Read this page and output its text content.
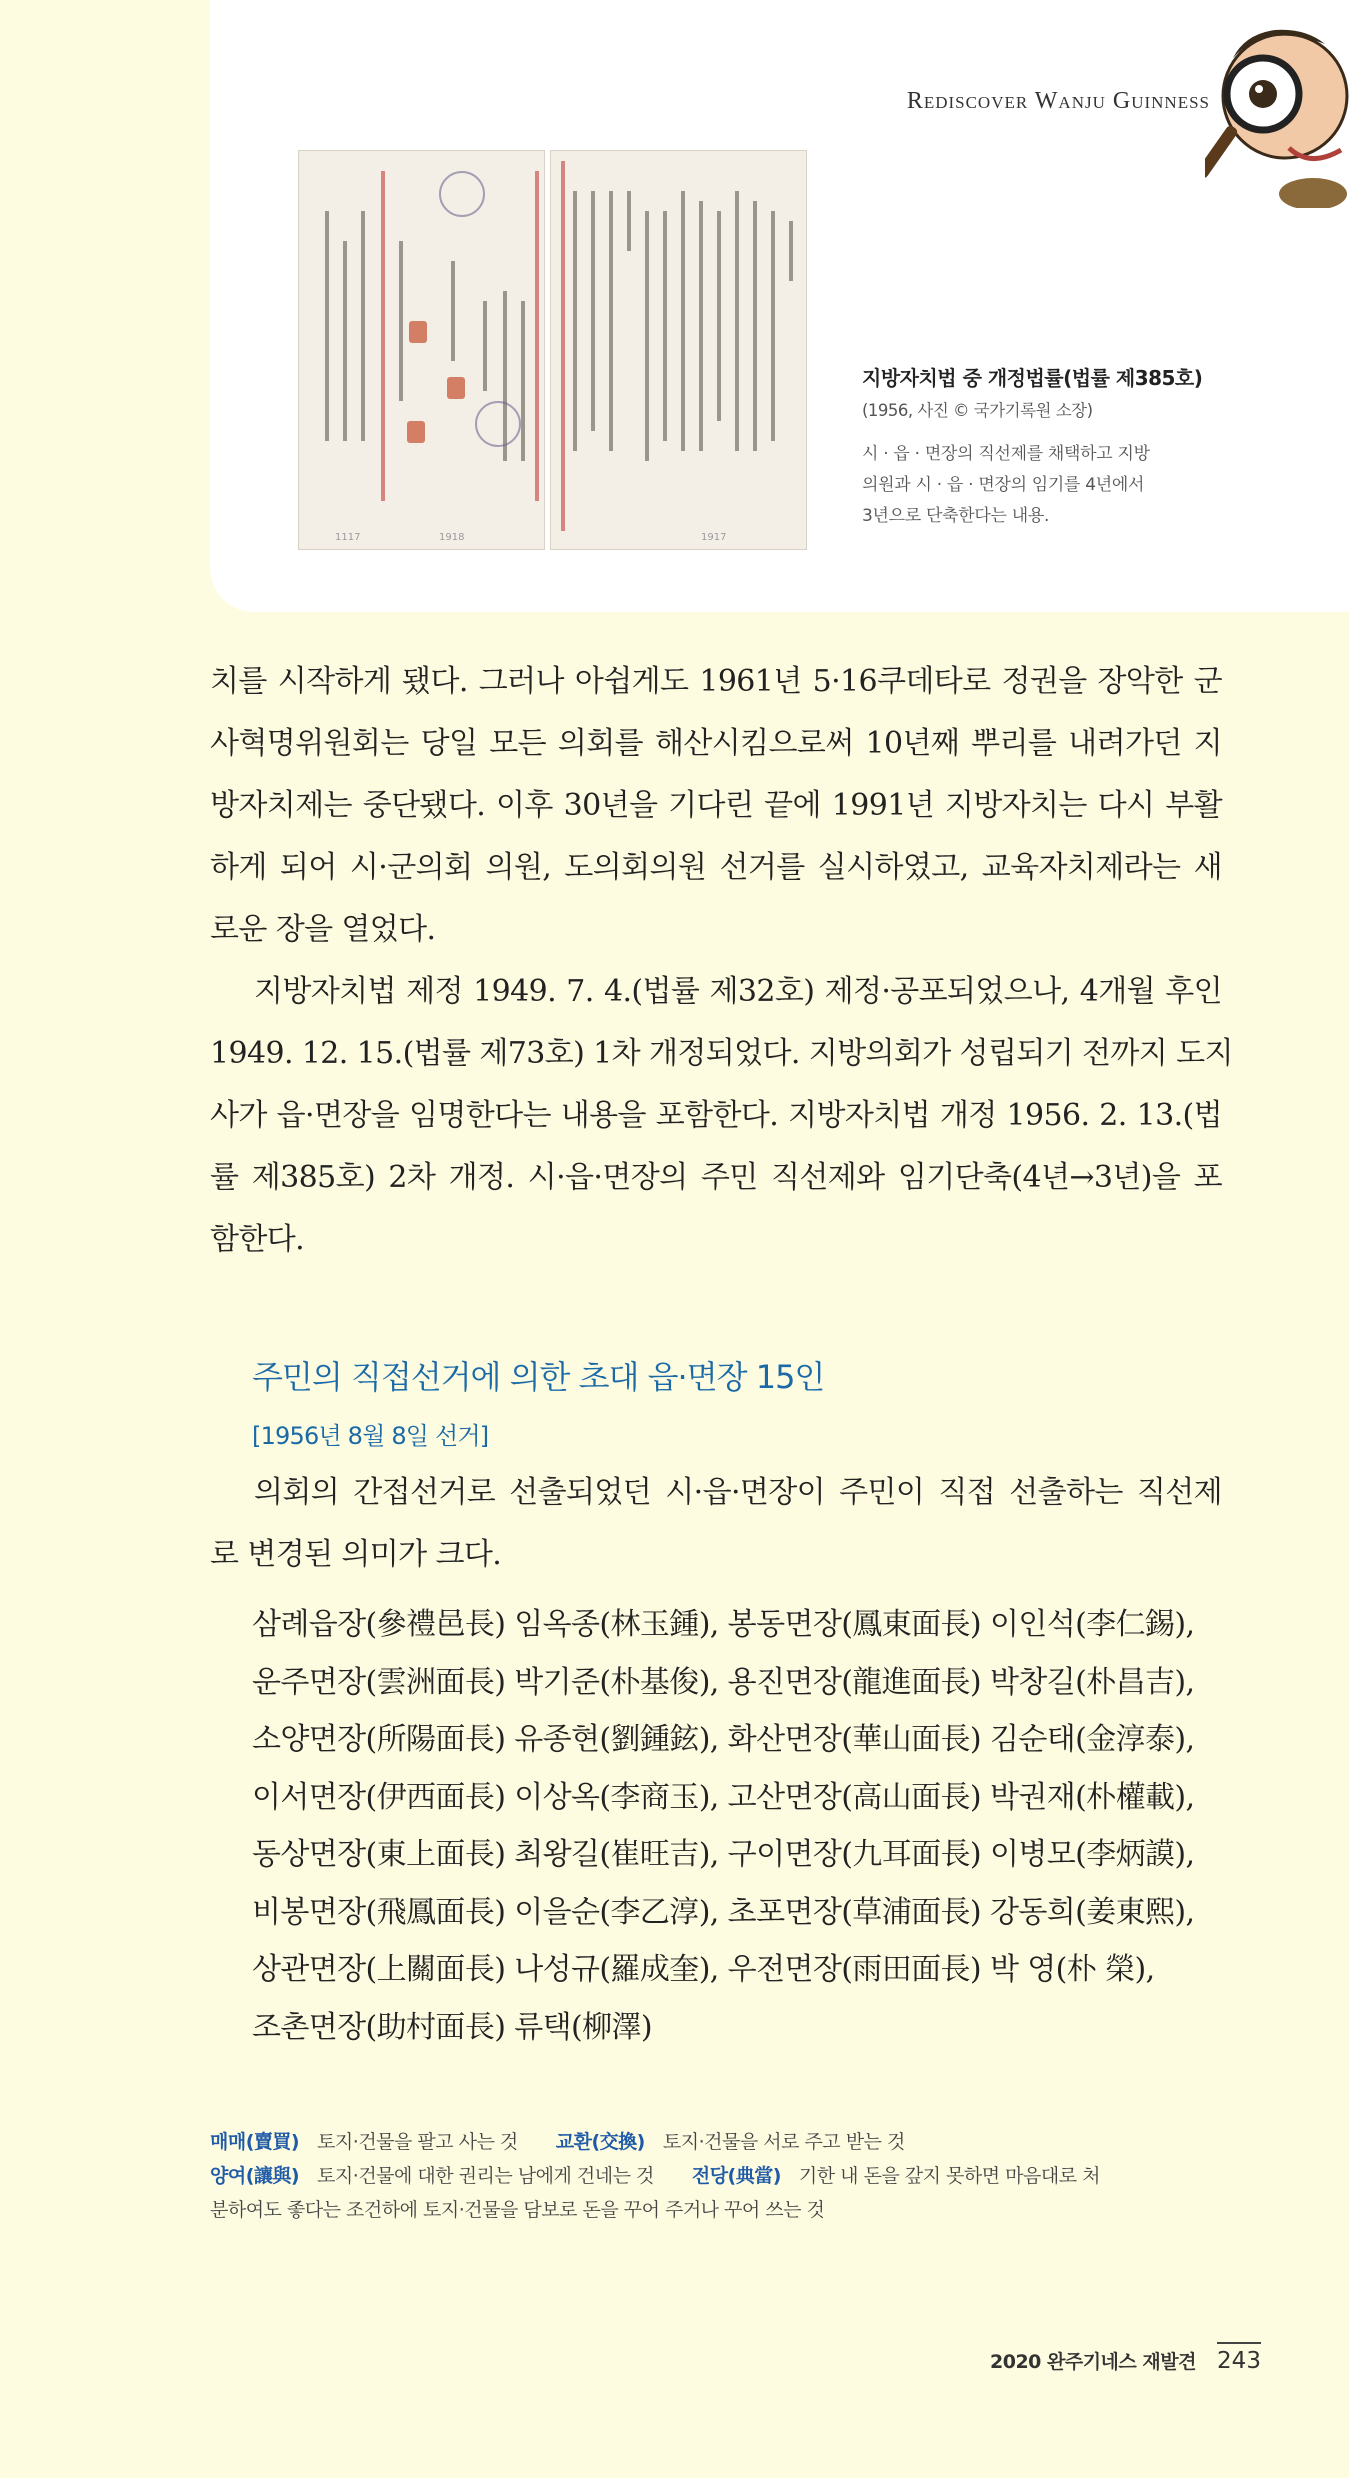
Rediscover Wanju Guinness
1117	1918	1917
지방자치법 중 개정법률(법률 제385호)
(1956, 사진 © 국가기록원 소장)
시 · 읍 · 면장의 직선제를 채택하고 지방
의원과 시 · 읍 · 면장의 임기를 4년에서
3년으로 단축한다는 내용.
치를 시작하게 됐다. 그러나 아쉽게도 1961년 5·16쿠데타로 정권을 장악한 군
사혁명위원회는 당일 모든 의회를 해산시킴으로써 10년째 뿌리를 내려가던 지
방자치제는 중단됐다. 이후 30년을 기다린 끝에 1991년 지방자치는 다시 부활
하게 되어 시·군의회 의원, 도의회의원 선거를 실시하였고, 교육자치제라는 새
로운 장을 열었다.
지방자치법 제정 1949. 7. 4.(법률 제32호) 제정·공포되었으나, 4개월 후인
1949. 12. 15.(법률 제73호) 1차 개정되었다. 지방의회가 성립되기 전까지 도지
사가 읍·면장을 임명한다는 내용을 포함한다. 지방자치법 개정 1956. 2. 13.(법
률 제385호) 2차 개정. 시·읍·면장의 주민 직선제와 임기단축(4년→3년)을 포
함한다.
주민의 직접선거에 의한 초대 읍·면장 15인
[1956년 8월 8일 선거]
의회의 간접선거로 선출되었던 시·읍·면장이 주민이 직접 선출하는 직선제
로 변경된 의미가 크다.
삼례읍장(參禮邑長) 임옥종(林玉鍾), 봉동면장(鳳東面長) 이인석(李仁錫),
운주면장(雲洲面長) 박기준(朴基俊), 용진면장(龍進面長) 박창길(朴昌吉),
소양면장(所陽面長) 유종현(劉鍾鉉), 화산면장(華山面長) 김순태(金淳泰),
이서면장(伊西面長) 이상옥(李商玉), 고산면장(高山面長) 박권재(朴權載),
동상면장(東上面長) 최왕길(崔旺吉), 구이면장(九耳面長) 이병모(李炳謨),
비봉면장(飛鳳面長) 이을순(李乙淳), 초포면장(草浦面長) 강동희(姜東熙),
상관면장(上關面長) 나성규(羅成奎), 우전면장(雨田面長) 박 영(朴 榮),
조촌면장(助村面長) 류택(柳澤)
매매(賣買) 토지·건물을 팔고 사는 것 교환(交換) 토지·건물을 서로 주고 받는 것
양여(讓與) 토지·건물에 대한 권리는 남에게 건네는 것 전당(典當) 기한 내 돈을 갚지 못하면 마음대로 처
분하여도 좋다는 조건하에 토지·건물을 담보로 돈을 꾸어 주거나 꾸어 쓰는 것
2020 완주기네스 재발견 243
